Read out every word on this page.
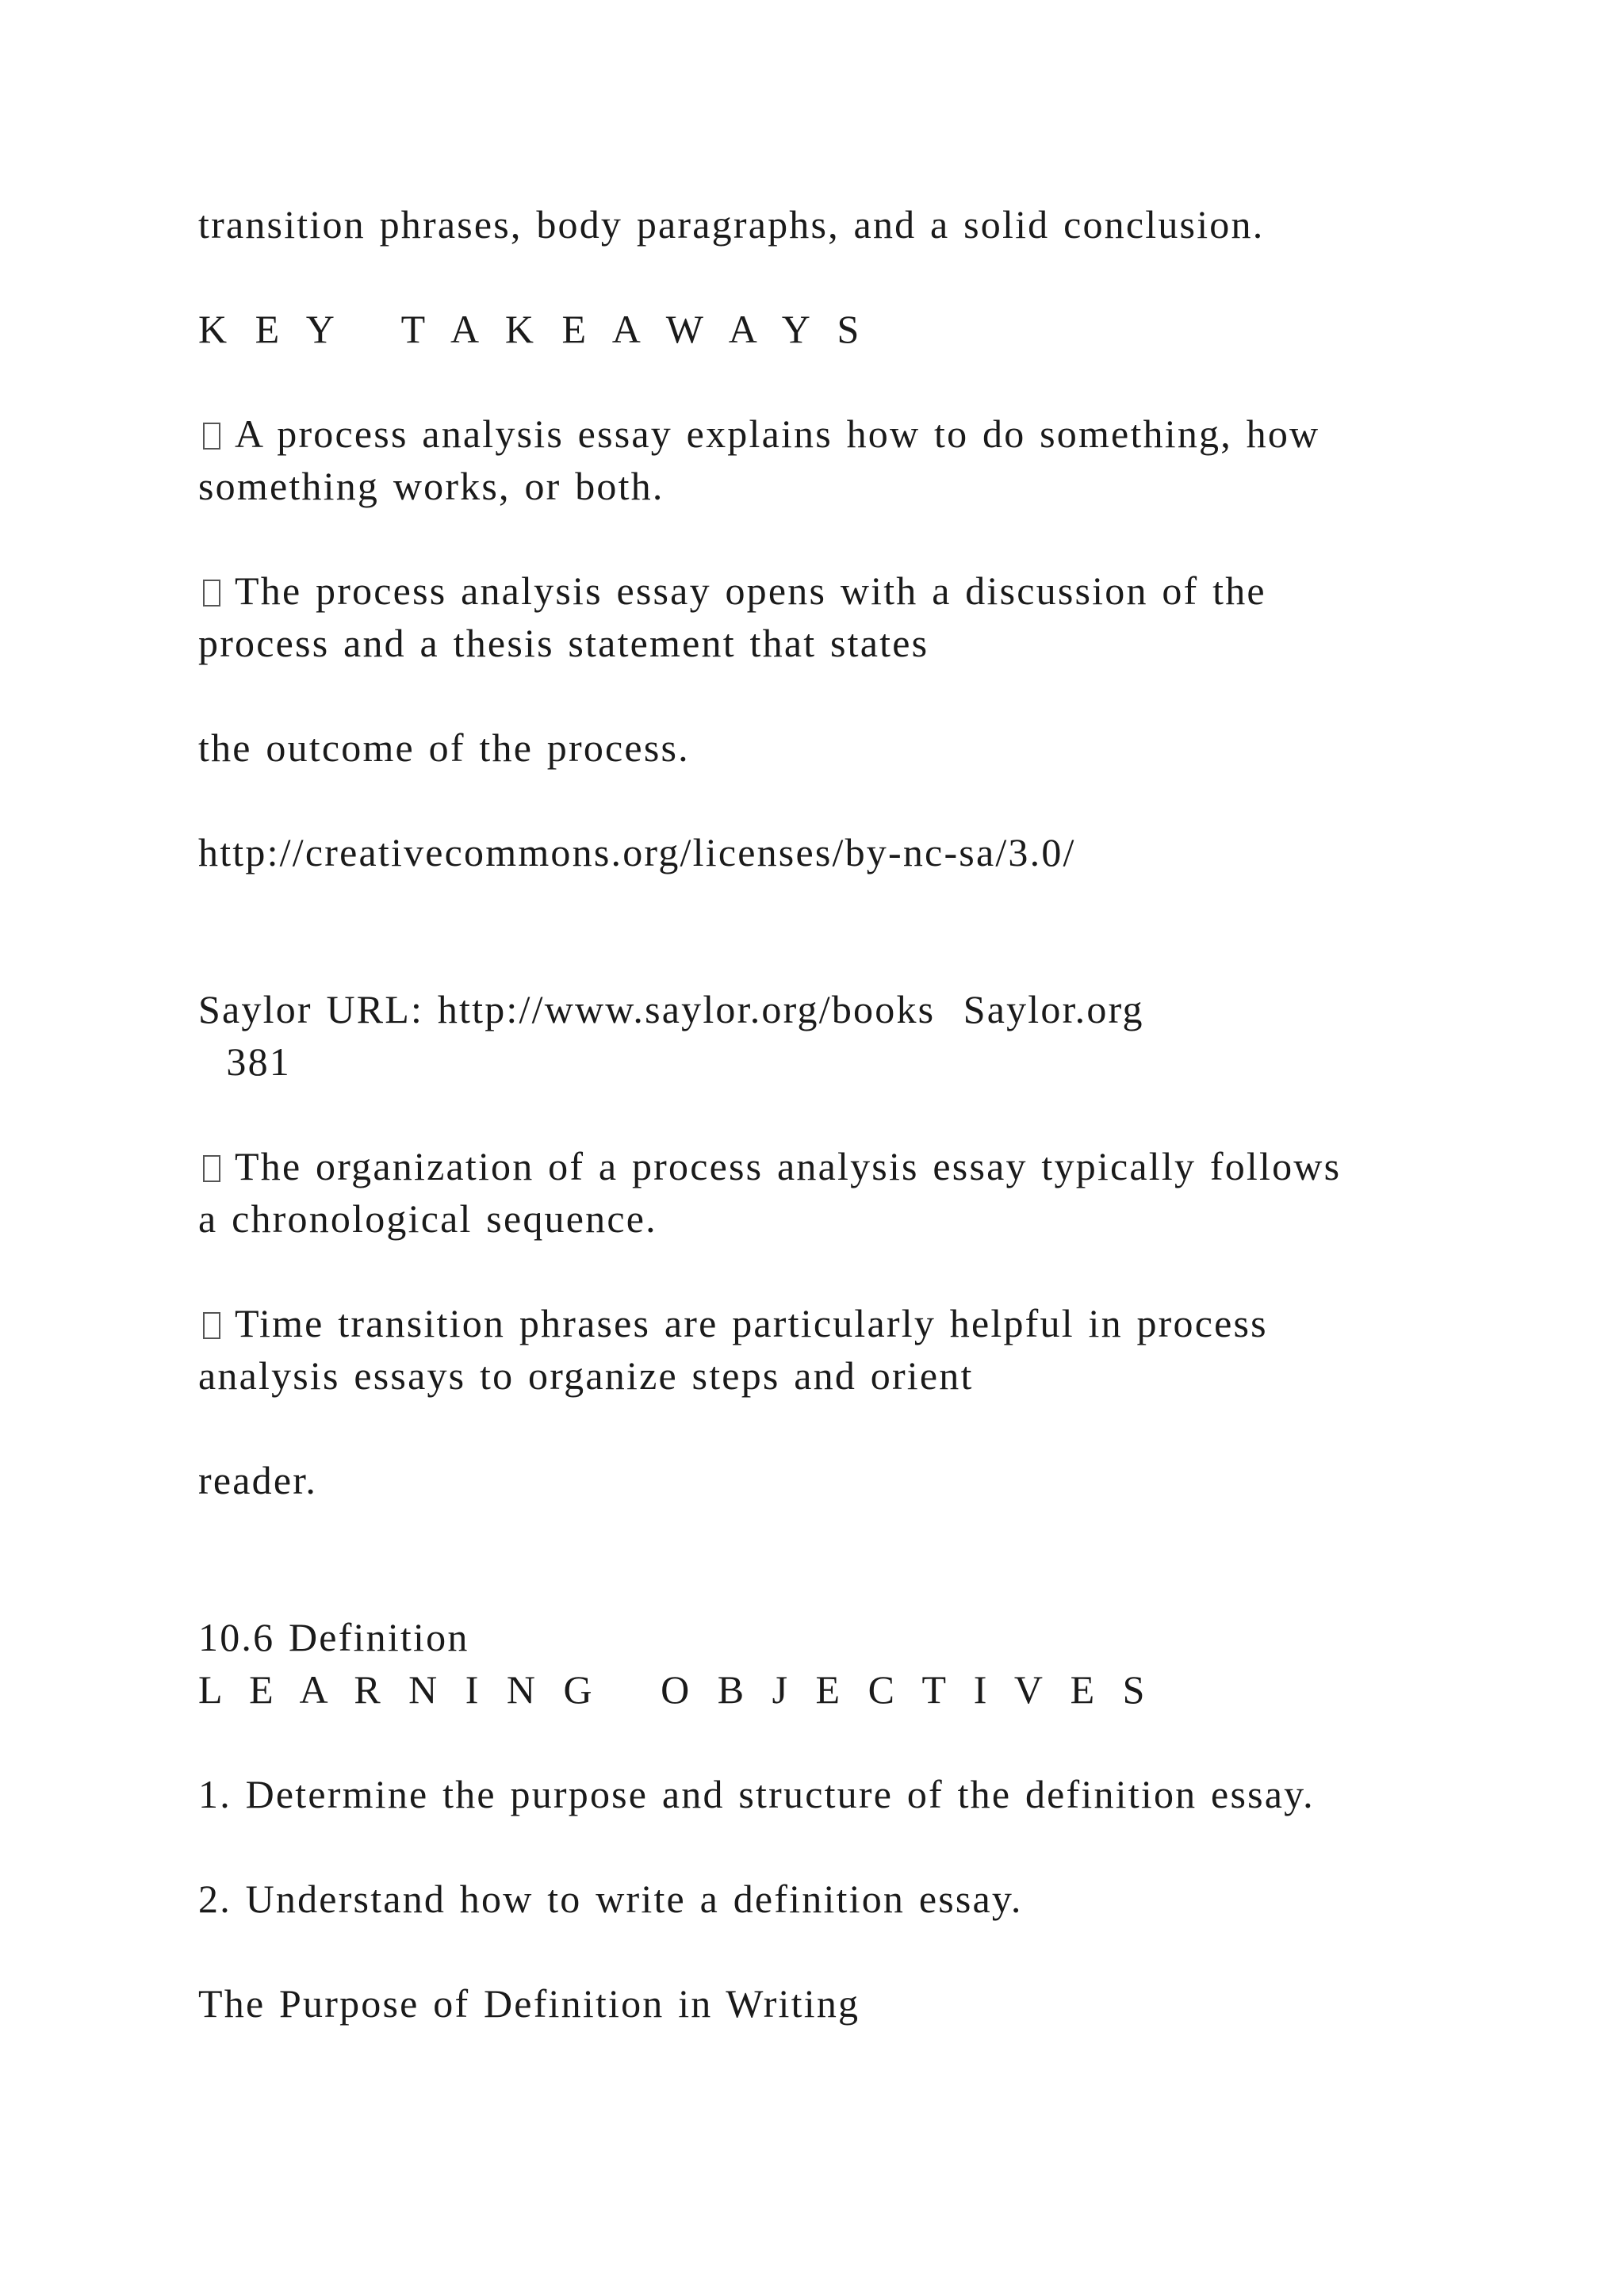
transition phrases, body paragraphs, and a solid conclusion.

K E Y   T A K E A W A Y S

A process analysis essay explains how to do something, how

something works, or both.

The process analysis essay opens with a discussion of the

process and a thesis statement that states

the outcome of the process.

http://creativecommons.org/licenses/by-nc-sa/3.0/

Saylor URL: http://www.saylor.org/books  Saylor.org

381

The organization of a process analysis essay typically follows

a chronological sequence.

Time transition phrases are particularly helpful in process

analysis essays to organize steps and orient

reader.

10.6 Definition

L E A R N I N G   O B J E C T I V E S

1. Determine the purpose and structure of the definition essay.

2. Understand how to write a definition essay.

The Purpose of Definition in Writing
